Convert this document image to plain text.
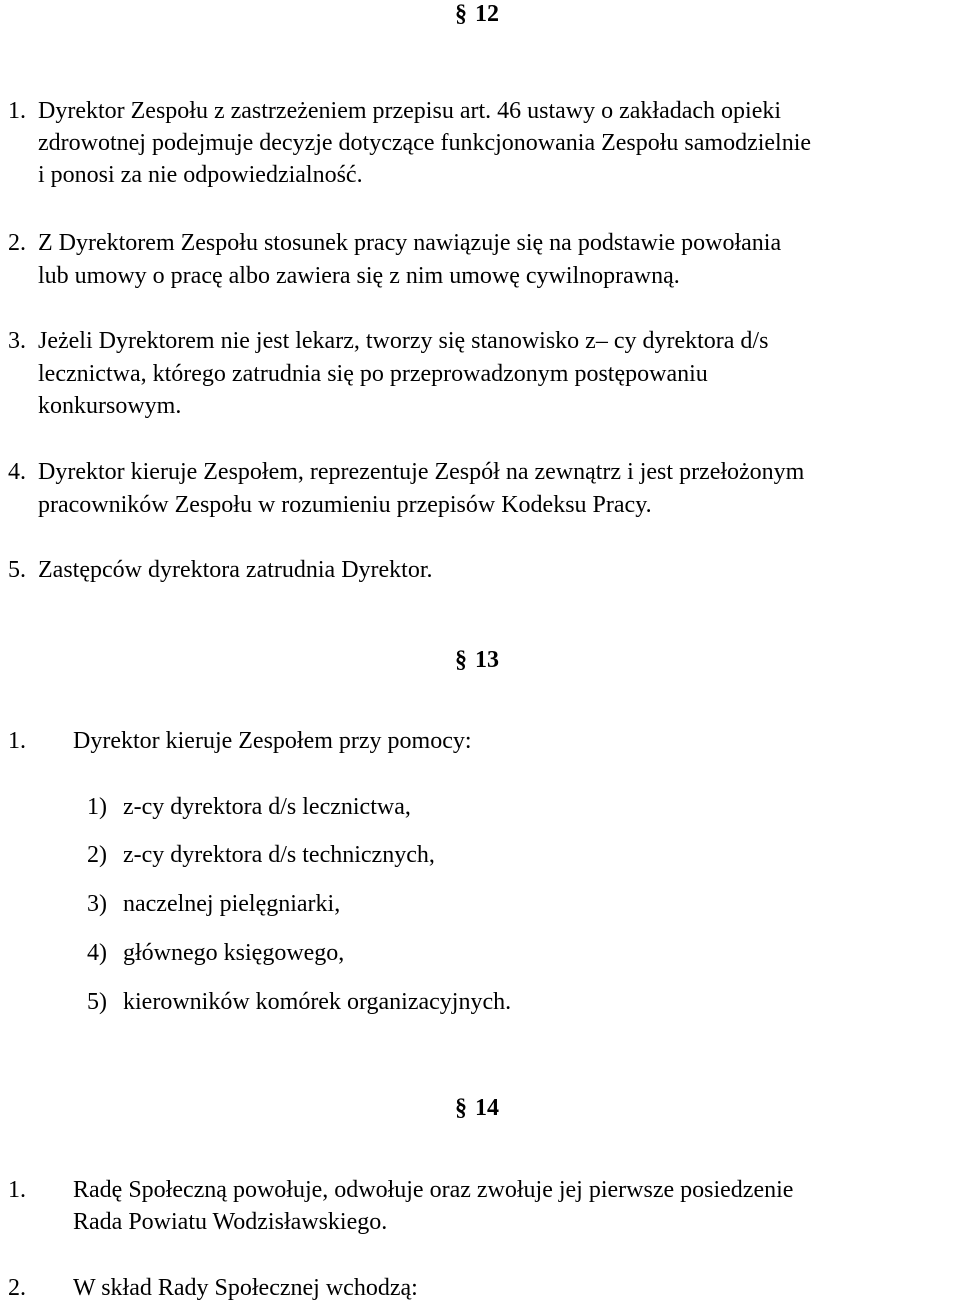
§ 12
1. Dyrektor Zespołu z zastrzeżeniem przepisu art. 46 ustawy o zakładach opieki
zdrowotnej podejmuje decyzje dotyczące funkcjonowania Zespołu samodzielnie
i ponosi za nie odpowiedzialność.
2. Z Dyrektorem Zespołu stosunek pracy nawiązuje się na podstawie powołania
lub umowy o pracę albo zawiera się z nim umowę cywilnoprawną.
3. Jeżeli Dyrektorem nie jest lekarz, tworzy się stanowisko z– cy dyrektora d/s
lecznictwa, którego zatrudnia się po przeprowadzonym postępowaniu
konkursowym.
4. Dyrektor kieruje Zespołem, reprezentuje Zespół na zewnątrz i jest przełożonym
pracowników Zespołu w rozumieniu przepisów Kodeksu Pracy.
5. Zastępców dyrektora zatrudnia Dyrektor.
§ 13
1. Dyrektor kieruje Zespołem przy pomocy:
1) z-cy dyrektora d/s lecznictwa,
2) z-cy dyrektora d/s technicznych,
3) naczelnej pielęgniarki,
4) głównego księgowego,
5) kierowników komórek organizacyjnych.
§ 14
1. Radę Społeczną powołuje, odwołuje oraz zwołuje jej pierwsze posiedzenie
Rada Powiatu Wodzisławskiego.
2. W skład Rady Społecznej wchodzą:
